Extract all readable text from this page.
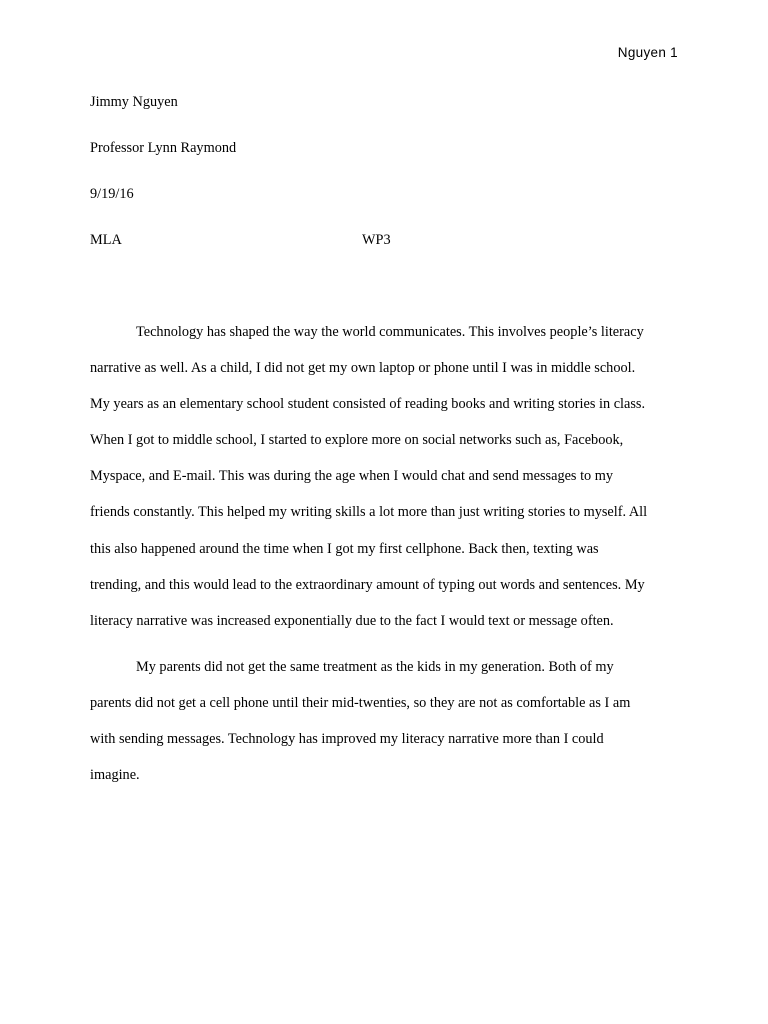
Nguyen 1
Jimmy Nguyen
Professor Lynn Raymond
9/19/16
MLA	WP3
Technology has shaped the way the world communicates. This involves people’s literacy
narrative as well. As a child, I did not get my own laptop or phone until I was in middle school.
My years as an elementary school student consisted of reading books and writing stories in class.
When I got to middle school, I started to explore more on social networks such as, Facebook,
Myspace, and E-mail. This was during the age when I would chat and send messages to my
friends constantly. This helped my writing skills a lot more than just writing stories to myself. All
this also happened around the time when I got my first cellphone. Back then, texting was
trending, and this would lead to the extraordinary amount of typing out words and sentences. My
literacy narrative was increased exponentially due to the fact I would text or message often.
My parents did not get the same treatment as the kids in my generation. Both of my
parents did not get a cell phone until their mid-twenties, so they are not as comfortable as I am
with sending messages. Technology has improved my literacy narrative more than I could
imagine.
